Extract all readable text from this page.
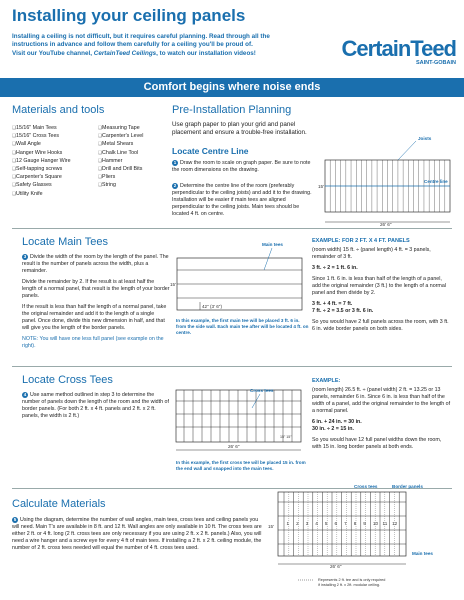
Installing your ceiling panels
Installing a ceiling is not difficult, but it requires careful planning. Read through all the
instructions in advance and follow them carefully for a ceiling you'll be proud of.
Visit our YouTube channel, CertainTeed Ceilings, to watch our installation videos!	CertainTeed
SAINT-GOBAIN
Comfort begins where noise ends
Materials and tools
❑ 15/16" Main Tees
❑ 15/16" Cross Tees
❑ Wall Angle
❑ Hanger Wire Hooks
❑ 12 Gauge Hanger Wire
❑ Self-tapping screws
❑ Carpenter's Square
❑ Safety Glasses
❑ Utility Knife
❑ Measuring Tape
❑ Carpenter's Level
❑ Metal Shears
❑ Chalk Line Tool
❑ Hammer
❑ Drill and Drill Bits
❑ Pliers
❑ String
Pre-Installation Planning
Use graph paper to plan your grid and panel placement and ensure a trouble-free installation.
Locate Centre Line
1 Draw the room to scale on graph paper. Be sure to note the room dimensions on the drawing.
2 Determine the centre line of the room (preferably perpendicular to the ceiling joists) and add it to the drawing. Installation will be easier if main tees are aligned perpendicular to the ceiling joists. Main tees should be located 4 ft. on centre.
Joists
Centre line
15'
26' 6"
Locate Main Tees

3 Divide the width of the room by the length of the panel. The result is the number of panels across the width, plus a remainder.

Divide the remainder by 2. If the result is at least half the length of a normal panel, that result is the length of your border panels.

If the result is less than half the length of a normal panel, take the original remainder and add it to the length of a single panel. Once done, divide this new dimension in half, and that will give you the length of the border panels.

NOTE: You will have one less full panel (see example on the right).

Main tees
15'
42" (3' 6")
In this example, the first main tee will be placed 3 ft. 6 in. from the side wall. Each main tee after will be located 4 ft. on centre.
EXAMPLE: FOR 2 FT. X 4 FT. PANELS

(room width) 15 ft. ÷ (panel length) 4 ft. = 3 panels, remainder of 3 ft.

3 ft. ÷ 2 = 1 ft. 6 in.

Since 1 ft. 6 in. is less than half of the length of a panel, add the original remainder (3 ft.) to the length of a normal panel and then divide by 2.

3 ft. + 4 ft. = 7 ft.
7 ft. ÷ 2 = 3.5 or 3 ft. 6 in.

So you would have 2 full panels across the room, with 3 ft. 6 in. wide border panels on both sides.

Locate Cross Tees

4 Use same method outlined in step 3 to determine the number of panels down the length of the room and the width of border panels. (For both 2 ft. x 4 ft. panels and 2 ft. x 2 ft. panels, the width is 2 ft.)

Cross tees
26' 6"
15" 15"
In this example, the first cross tee will be placed 15 in. from the end wall and snapped into the main tees.
EXAMPLE:

(room length) 26.5 ft. ÷ (panel width) 2 ft. = 13.25 or 13 panels, remainder 6 in. Since 6 in. is less than half of the width of a panel, add the original remainder to the length of a normal panel.

6 in. + 24 in. = 30 in.
30 in. ÷ 2 = 15 in.

So you would have 12 full panel widths down the room, with 15 in. long border panels at both ends.

Calculate Materials

5 Using the diagram, determine the number of wall angles, main tees, cross tees and ceiling panels you will need. Main T's are available in 8 ft. and 12 ft. Wall angles are only available in 10 ft. The cross tees are either 2 ft. or 4 ft. long (2 ft. cross tees are only necessary if you are using 2 ft. x 2 ft. panels.) Also, you will need a wire hanger and a screw eye for every 4 ft of main tees. If installing a 2 ft. x 2 ft. ceiling module, the number of 2 ft. cross tees needed will equal the number of 4 ft. cross tees used.

1 2 3 4 5 6 7 8 9 10 11 12
Cross tees	Border panels
Main tees
15'
26' 6"
Represents 2 ft. tee and is only required
if installing 2 ft. x 2ft. modular ceiling.
